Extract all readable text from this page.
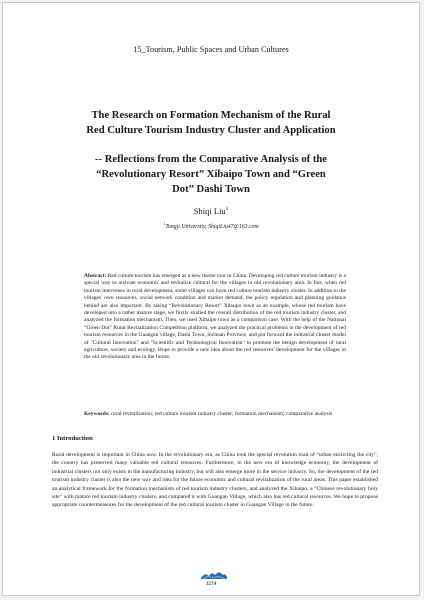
15_Tourism, Public Spaces and Urban Cultures
The Research on Formation Mechanism of the Rural
Red Culture Tourism Industry Cluster and Application
-- Reflections from the Comparative Analysis of the
“Revolutionary Resort” Xibaipo Town and “Green
Dot” Dashi Town
Shiqi Liu$^1$
$^1$Tongji University, ShiqiLiu47@163.com
Abstract: Red culture tourism has emerged as a new theme tour in China. Developing red culture tourism industry is a special way to activate economic and revitalize cultural for the villages in old revolutionary area. In fact, when red tourism intervenes in rural development, some villages can form red culture tourism industry cluster. In addition to the villages' own resources, social network condition and market demand, the policy regulation and planning guidance behind are also important. By taking “Revolutionary Resort” Xibaipo town as an example, whose red tourism have developed into a rather mature stage, we firstly studied the overall distribution of the red tourism industry cluster, and analyzed the formation mechanism. Then, we used Xibaipo town as a comparison case. With the help of the National “Green Dot” Rural Revitalization Competition platform, we analyzed the practical problems in the development of red tourism resources in the Guangan village, Dashi Town, Sichuan Province, and put forward the industrial cluster model of "Cultural Innovation" and "Scientific and Technological Innovation" to promote the benign development of rural agriculture, society and ecology. Hope to provide a new idea about the red resources' development for the villages in the old revolutionary area in the future.
Keywords: rural revitalization; red culture tourism industry cluster; formation mechanism; comparative analysis
1 Introduction
Rural development is important in China now. In the revolutionary era, as China took the special revolution road of “urban encircling the city”, the country has preserved many valuable red cultural resources. Furthermore, in the new era of knowledge economy, the development of industrial clusters not only exists in the manufacturing industry, but will also emerge more in the service industry. So, the development of the red tourism industry cluster is also the new way and idea for the future economic and cultural revitalization of the rural areas. This paper established an analytical framework for the formation mechanism of red tourism industry clusters, and analyzed the Xibaipo, a “Chinese revolutionary holy site” with mature red tourism industry clusters, and compared it with Guangan Village, which also has red cultural resources. We hope to propose appropriate countermeasures for the development of the red cultural tourism cluster in Guangan Village in the future.
3274
